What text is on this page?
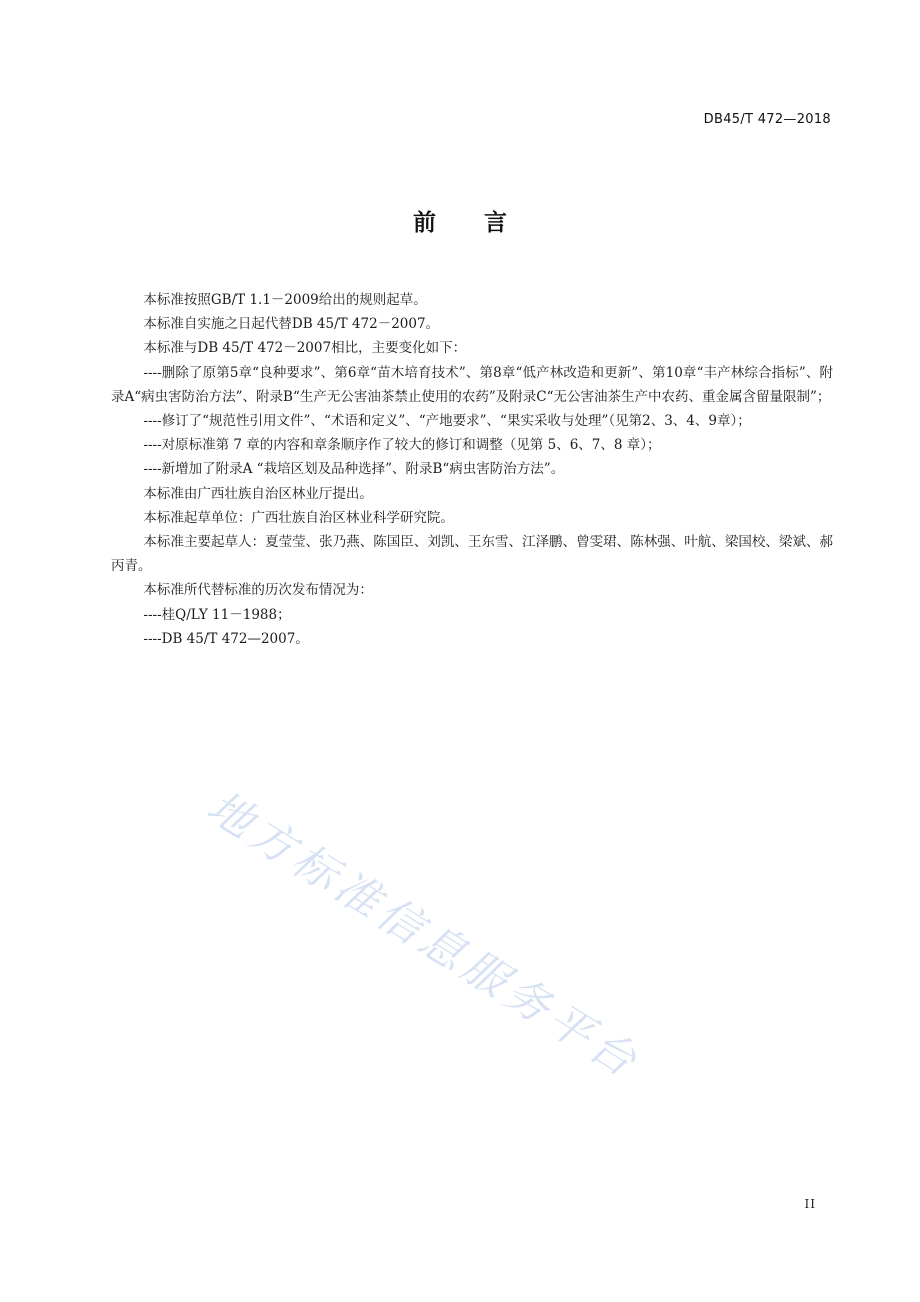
DB45/T 472—2018
前 言

本标准按照GB/T 1.1－2009给出的规则起草。

本标准自实施之日起代替DB 45/T 472－2007。

本标准与DB 45/T 472－2007相比，主要变化如下：

----删除了原第5章“良种要求”、第6章“苗木培育技术”、第8章“低产林改造和更新”、第10章“丰产林综合指标”、附录A“病虫害防治方法”、附录B“生产无公害油茶禁止使用的农药”及附录C“无公害油茶生产中农药、重金属含留量限制”；

----修订了“规范性引用文件”、“术语和定义”、“产地要求”、“果实采收与处理”（见第2、3、4、9章）；

----对原标准第 7 章的内容和章条顺序作了较大的修订和调整（见第 5、6、7、8 章）；

----新增加了附录A “栽培区划及品种选择”、附录B“病虫害防治方法”。

本标准由广西壮族自治区林业厅提出。

本标准起草单位：广西壮族自治区林业科学研究院。

本标准主要起草人：夏莹莹、张乃燕、陈国臣、刘凯、王东雪、江泽鹏、曾雯珺、陈林强、叶航、梁国校、梁斌、郝丙青。

本标准所代替标准的历次发布情况为：

----桂Q/LY 11－1988；

----DB 45/T 472—2007。

地方标准信息服务平台
II
